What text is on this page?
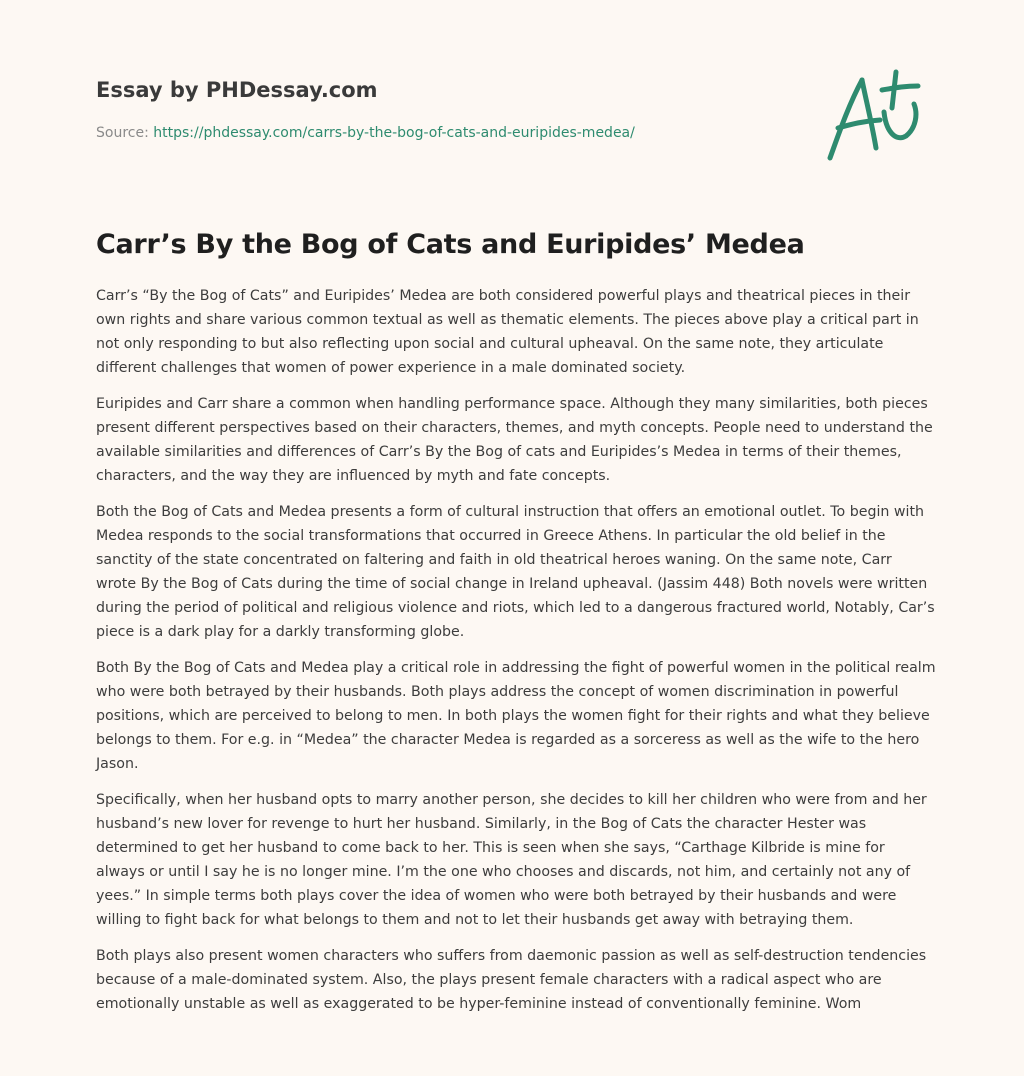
Essay by PHDessay.com
Source: https://phdessay.com/carrs-by-the-bog-of-cats-and-euripides-medea/
Carr’s By the Bog of Cats and Euripides’ Medea

Carr’s “By the Bog of Cats” and Euripides’ Medea are both considered powerful plays and theatrical pieces in their own rights and share various common textual as well as thematic elements. The pieces above play a critical part in not only responding to but also reflecting upon social and cultural upheaval. On the same note, they articulate different challenges that women of power experience in a male dominated society.

Euripides and Carr share a common when handling performance space. Although they many similarities, both pieces present different perspectives based on their characters, themes, and myth concepts. People need to understand the available similarities and differences of Carr’s By the Bog of cats and Euripides’s Medea in terms of their themes, characters, and the way they are influenced by myth and fate concepts.

Both the Bog of Cats and Medea presents a form of cultural instruction that offers an emotional outlet. To begin with Medea responds to the social transformations that occurred in Greece Athens. In particular the old belief in the sanctity of the state concentrated on faltering and faith in old theatrical heroes waning. On the same note, Carr wrote By the Bog of Cats during the time of social change in Ireland upheaval. (Jassim 448) Both novels were written during the period of political and religious violence and riots, which led to a dangerous fractured world, Notably, Car’s piece is a dark play for a darkly transforming globe.

Both By the Bog of Cats and Medea play a critical role in addressing the fight of powerful women in the political realm who were both betrayed by their husbands. Both plays address the concept of women discrimination in powerful positions, which are perceived to belong to men. In both plays the women fight for their rights and what they believe belongs to them. For e.g. in “Medea” the character Medea is regarded as a sorceress as well as the wife to the hero Jason.

Specifically, when her husband opts to marry another person, she decides to kill her children who were from and her husband’s new lover for revenge to hurt her husband. Similarly, in the Bog of Cats the character Hester was determined to get her husband to come back to her. This is seen when she says, “Carthage Kilbride is mine for always or until I say he is no longer mine. I’m the one who chooses and discards, not him, and certainly not any of yees.” In simple terms both plays cover the idea of women who were both betrayed by their husbands and were willing to fight back for what belongs to them and not to let their husbands get away with betraying them.

Both plays also present women characters who suffers from daemonic passion as well as self-destruction tendencies because of a male-dominated system. Also, the plays present female characters with a radical aspect who are emotionally unstable as well as exaggerated to be hyper-feminine instead of conventionally feminine. Wom
